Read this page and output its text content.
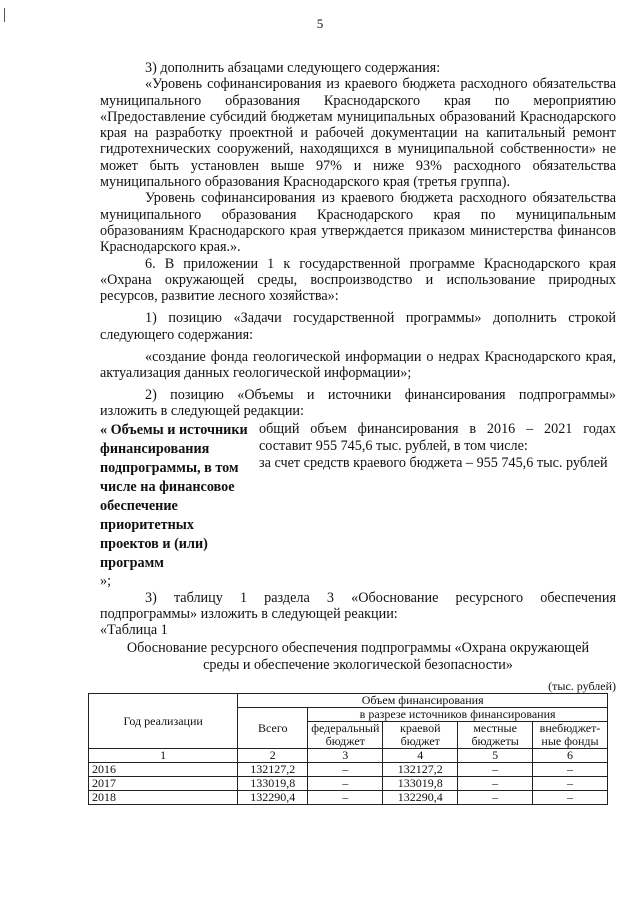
5

3) дополнить абзацами следующего содержания:

«Уровень софинансирования из краевого бюджета расходного обязательства муниципального образования Краснодарского края по мероприятию «Предоставление субсидий бюджетам муниципальных образований Краснодарского края на разработку проектной и рабочей документации на капитальный ремонт гидротехнических сооружений, находящихся в муниципальной собственности» не может быть установлен выше 97% и ниже 93% расходного обязательства муниципального образования Краснодарского края (третья группа).

Уровень софинансирования из краевого бюджета расходного обязательства муниципального образования Краснодарского края по муниципальным образованиям Краснодарского края утверждается приказом министерства финансов Краснодарского края.».

6. В приложении 1 к государственной программе Краснодарского края «Охрана окружающей среды, воспроизводство и использование природных ресурсов, развитие лесного хозяйства»:

1) позицию «Задачи государственной программы» дополнить строкой следующего содержания:

«создание фонда геологической информации о недрах Краснодарского края, актуализация данных геологической информации»;

2) позицию «Объемы и источники финансирования подпрограммы» изложить в следующей редакции:

« Объемы и источники финансирования подпрограммы, в том числе на финансовое обеспечение приоритетных проектов и (или) программ

общий объем финансирования в 2016 – 2021 годах составит 955 745,6 тыс. рублей, в том числе:

за счет средств краевого бюджета – 955 745,6 тыс. рублей

»;

3) таблицу 1 раздела 3 «Обоснование ресурсного обеспечения подпрограммы» изложить в следующей реакции:

«Таблица 1

Обоснование ресурсного обеспечения подпрограммы «Охрана окружающей
среды и обеспечение экологической безопасности»
(тыс. рублей)
Год реализации	Объем финансирования				
	Всего	в разрезе источников финансирования			
		федеральный бюджет	краевой бюджет	местные бюджеты	внебюджет-ные фонды
1	2	3	4	5	6
2016	132127,2	–	132127,2	–	–
2017	133019,8	–	133019,8	–	–
2018	132290,4	–	132290,4	–	–
